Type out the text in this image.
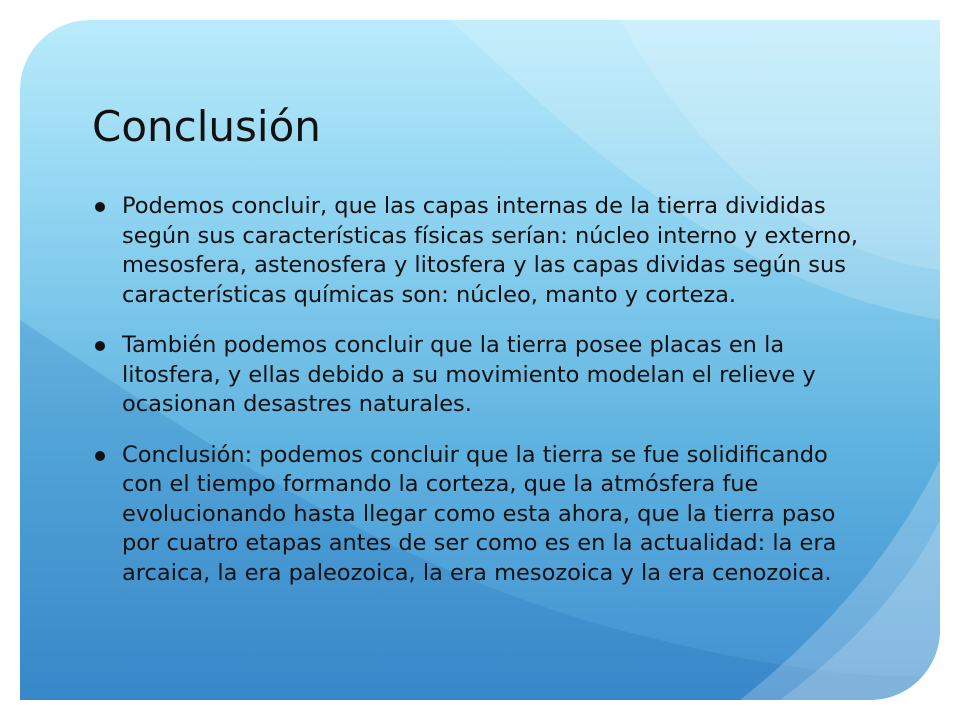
Conclusión
Podemos concluir, que las capas internas de la tierra divididas según sus características físicas serían: núcleo interno y externo, mesosfera, astenosfera y litosfera y las capas dividas según sus características químicas son: núcleo, manto y corteza.
También podemos concluir que la tierra posee placas en la litosfera, y ellas debido a su movimiento modelan el relieve y ocasionan desastres naturales.
Conclusión: podemos concluir que la tierra se fue solidificando con el tiempo formando la corteza, que la atmósfera fue evolucionando hasta llegar como esta ahora, que la tierra paso por cuatro etapas antes de ser como es en la actualidad: la era arcaica, la era paleozoica, la era mesozoica y la era cenozoica.
